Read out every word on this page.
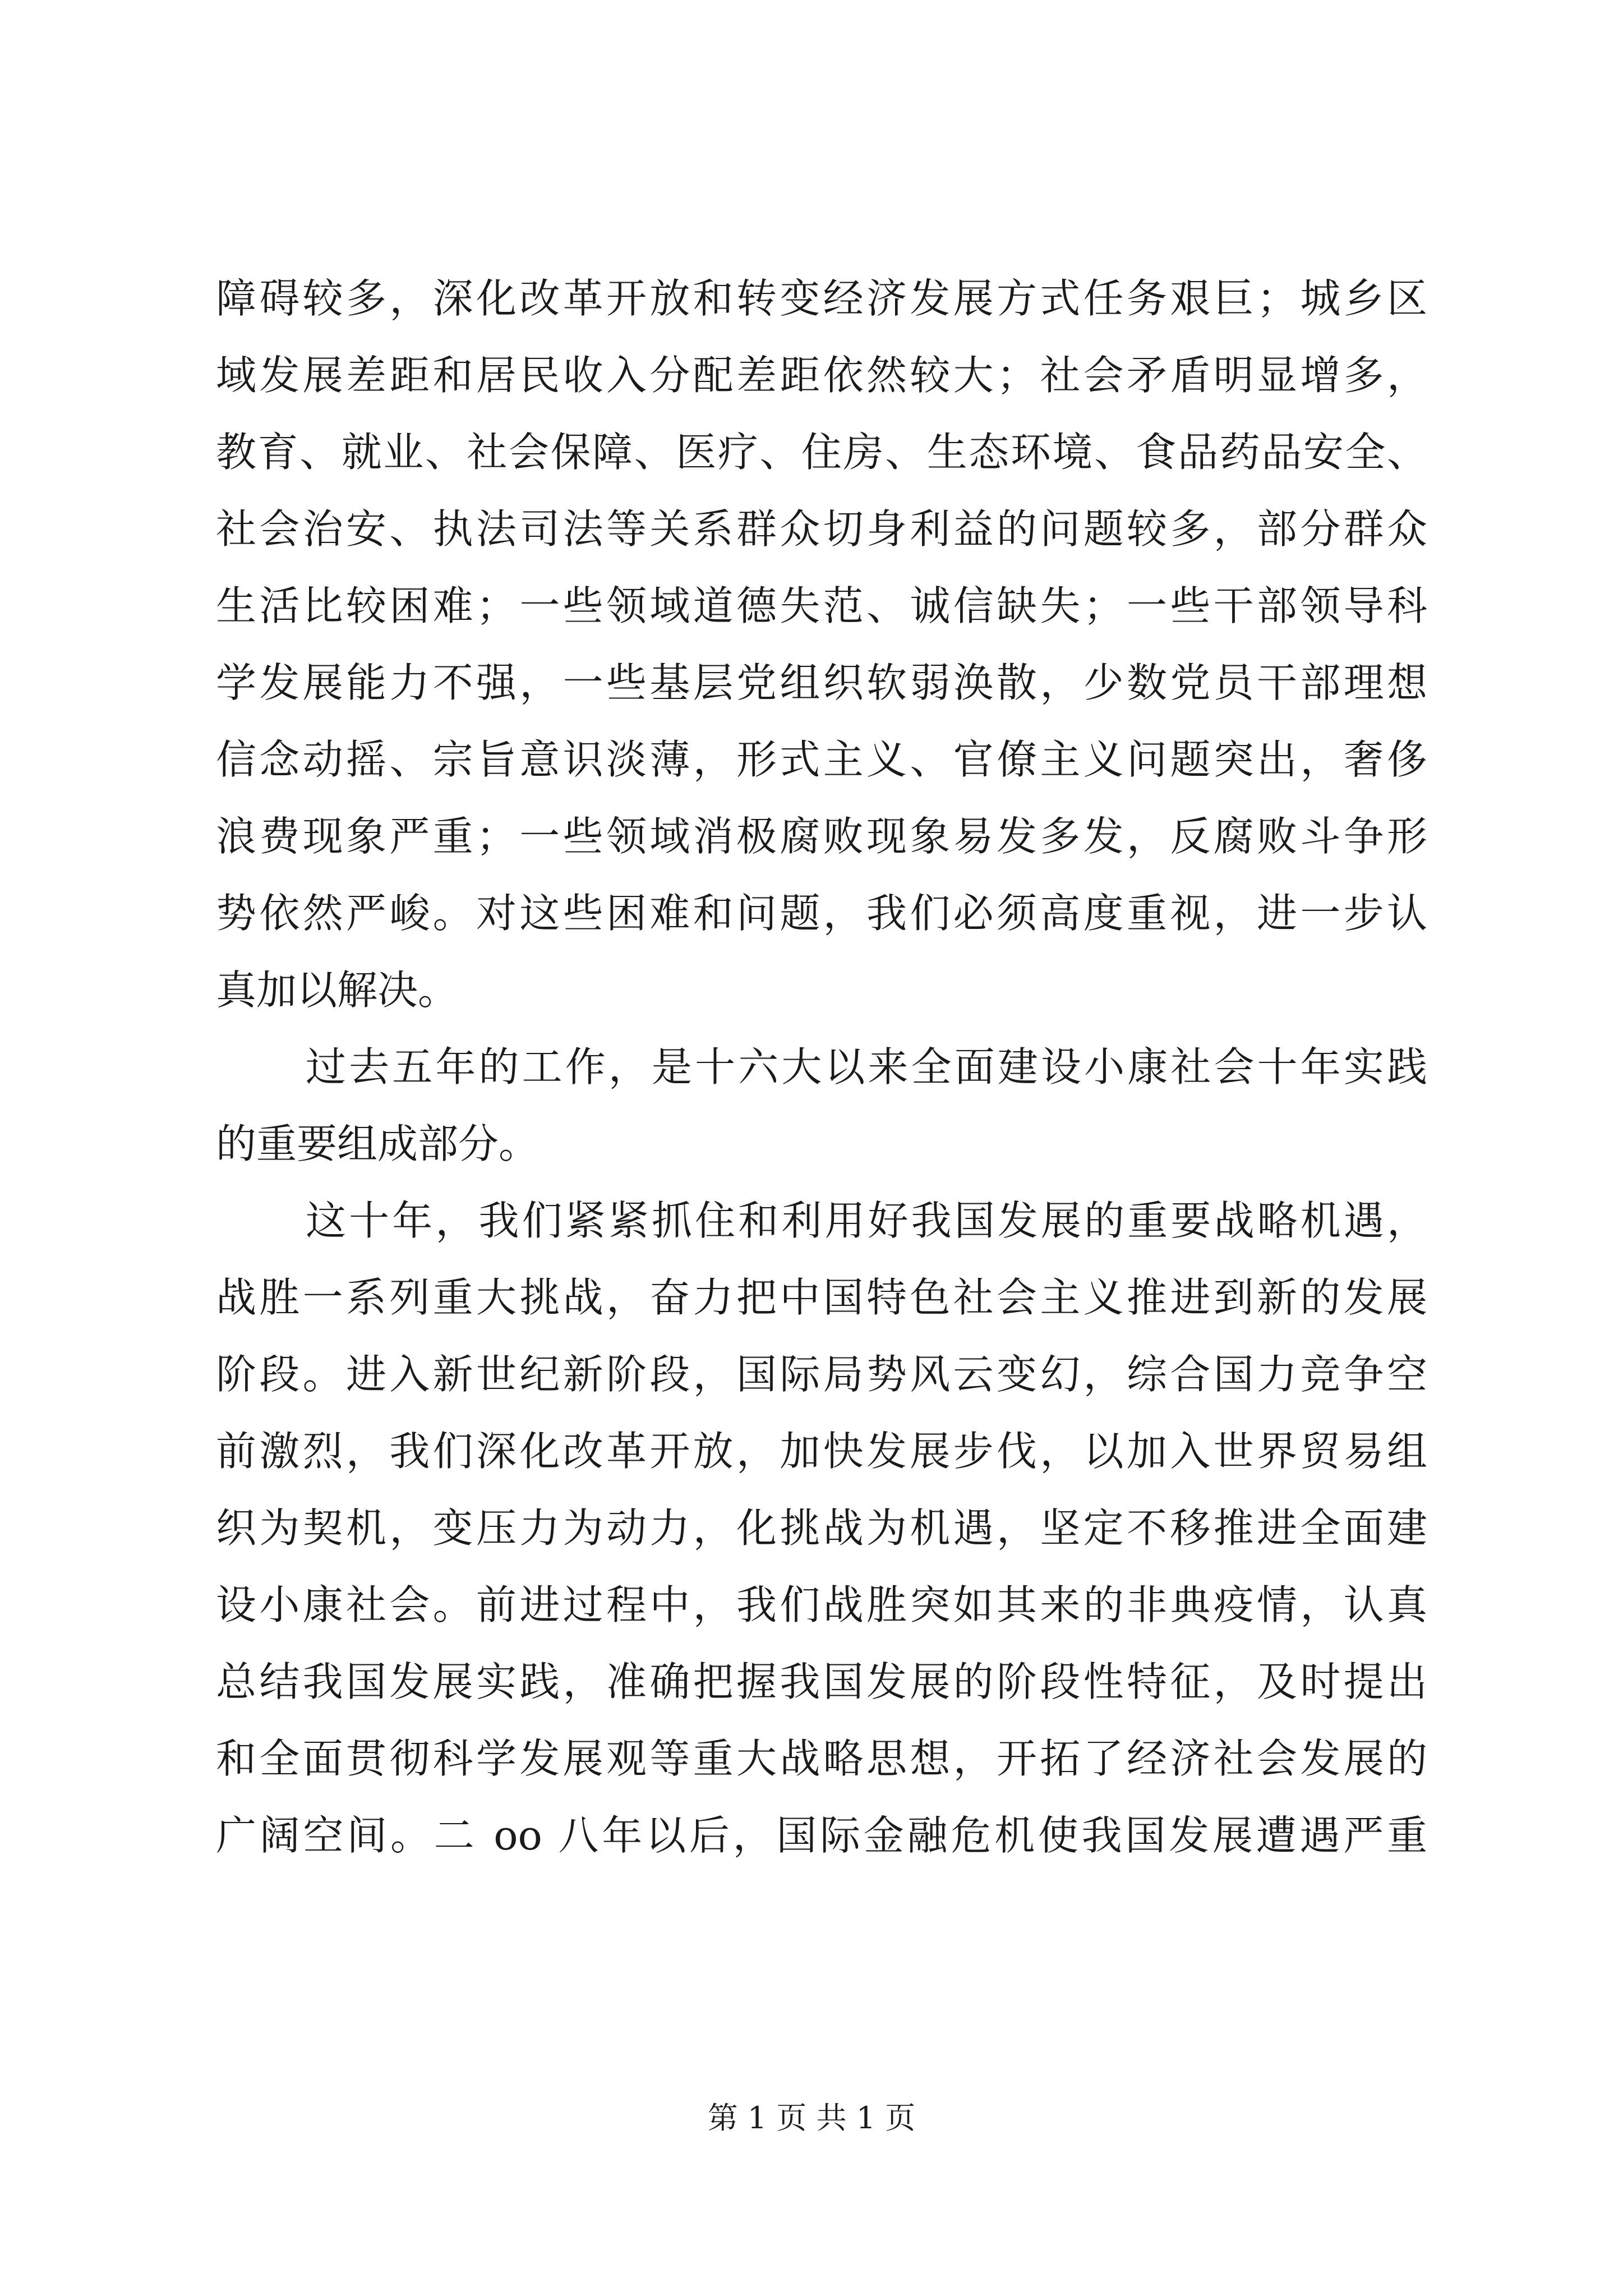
障碍较多，深化改革开放和转变经济发展方式任务艰巨；城乡区
域发展差距和居民收入分配差距依然较大；社会矛盾明显增多，
教育、就业、社会保障、医疗、住房、生态环境、食品药品安全、
社会治安、执法司法等关系群众切身利益的问题较多，部分群众
生活比较困难；一些领域道德失范、诚信缺失；一些干部领导科
学发展能力不强，一些基层党组织软弱涣散，少数党员干部理想
信念动摇、宗旨意识淡薄，形式主义、官僚主义问题突出，奢侈
浪费现象严重；一些领域消极腐败现象易发多发，反腐败斗争形
势依然严峻。对这些困难和问题，我们必须高度重视，进一步认
真加以解决。
过去五年的工作，是十六大以来全面建设小康社会十年实践
的重要组成部分。
这十年，我们紧紧抓住和利用好我国发展的重要战略机遇，
战胜一系列重大挑战，奋力把中国特色社会主义推进到新的发展
阶段。进入新世纪新阶段，国际局势风云变幻，综合国力竞争空
前激烈，我们深化改革开放，加快发展步伐，以加入世界贸易组
织为契机，变压力为动力，化挑战为机遇，坚定不移推进全面建
设小康社会。前进过程中，我们战胜突如其来的非典疫情，认真
总结我国发展实践，准确把握我国发展的阶段性特征，及时提出
和全面贯彻科学发展观等重大战略思想，开拓了经济社会发展的
广阔空间。二 oo 八年以后，国际金融危机使我国发展遭遇严重
第 1 页 共 1 页
